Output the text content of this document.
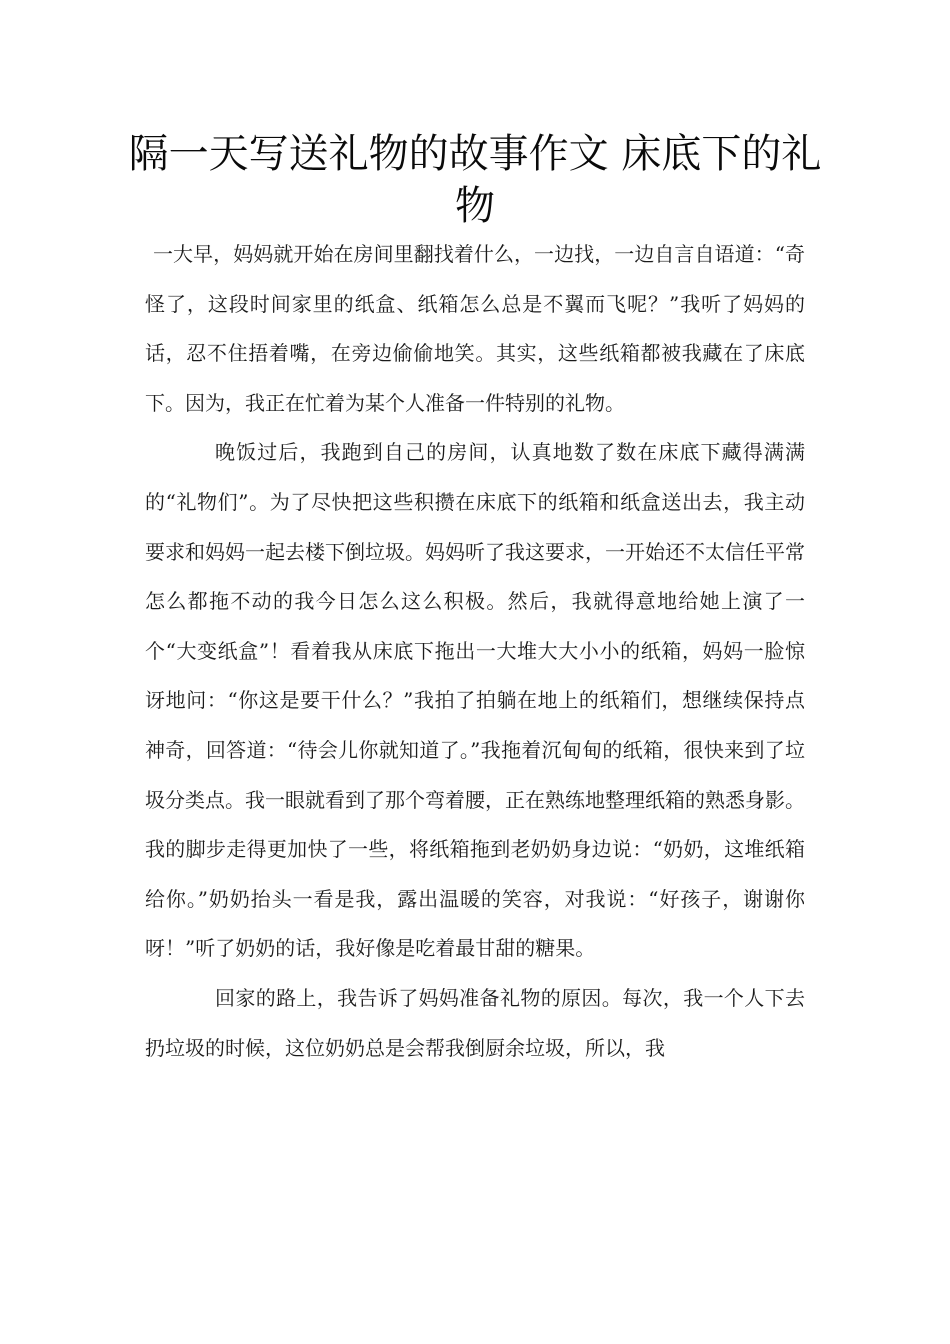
隔一天写送礼物的故事作文 床底下的礼物

一大早，妈妈就开始在房间里翻找着什么，一边找，一边自言自语道：“奇怪了，这段时间家里的纸盒、纸箱怎么总是不翼而飞呢？”我听了妈妈的话，忍不住捂着嘴，在旁边偷偷地笑。其实，这些纸箱都被我藏在了床底下。因为，我正在忙着为某个人准备一件特别的礼物。

晚饭过后，我跑到自己的房间，认真地数了数在床底下藏得满满的“礼物们”。为了尽快把这些积攒在床底下的纸箱和纸盒送出去，我主动要求和妈妈一起去楼下倒垃圾。妈妈听了我这要求，一开始还不太信任平常怎么都拖不动的我今日怎么这么积极。然后，我就得意地给她上演了一个“大变纸盒”！看着我从床底下拖出一大堆大大小小的纸箱，妈妈一脸惊讶地问：“你这是要干什么？”我拍了拍躺在地上的纸箱们，想继续保持点神奇，回答道：“待会儿你就知道了。”我拖着沉甸甸的纸箱，很快来到了垃圾分类点。我一眼就看到了那个弯着腰，正在熟练地整理纸箱的熟悉身影。我的脚步走得更加快了一些，将纸箱拖到老奶奶身边说：“奶奶，这堆纸箱给你。”奶奶抬头一看是我，露出温暖的笑容，对我说：“好孩子，谢谢你呀！”听了奶奶的话，我好像是吃着最甘甜的糖果。

回家的路上，我告诉了妈妈准备礼物的原因。每次，我一个人下去扔垃圾的时候，这位奶奶总是会帮我倒厨余垃圾，所以，我
